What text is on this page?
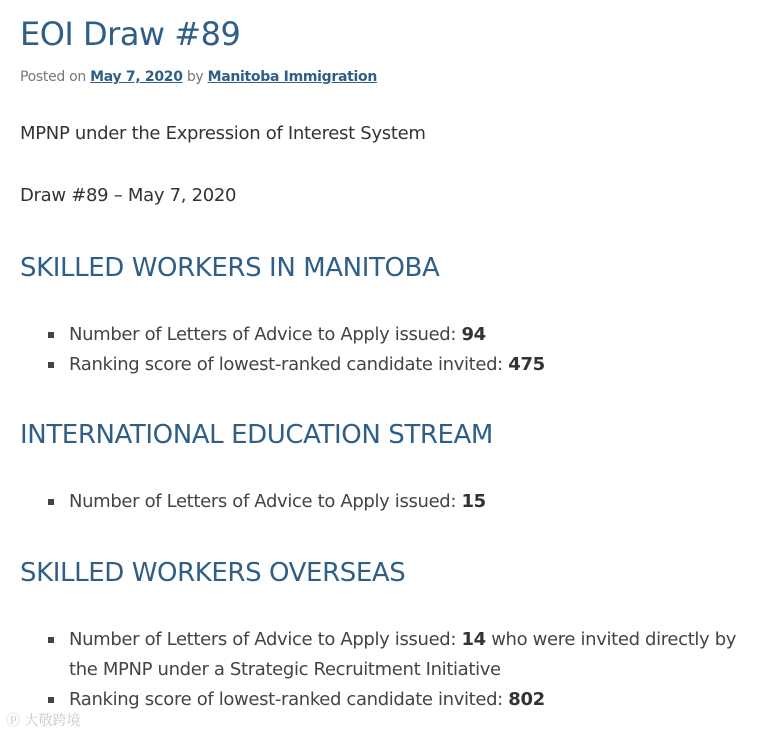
EOI Draw #89
Posted on May 7, 2020 by Manitoba Immigration

MPNP under the Expression of Interest System

Draw #89 – May 7, 2020

SKILLED WORKERS IN MANITOBA
Number of Letters of Advice to Apply issued: 94
Ranking score of lowest-ranked candidate invited: 475
INTERNATIONAL EDUCATION STREAM
Number of Letters of Advice to Apply issued: 15
SKILLED WORKERS OVERSEAS
Number of Letters of Advice to Apply issued: 14 who were invited directly by the MPNP under a Strategic Recruitment Initiative
Ranking score of lowest-ranked candidate invited: 802
ⓟ 大敬跨境
